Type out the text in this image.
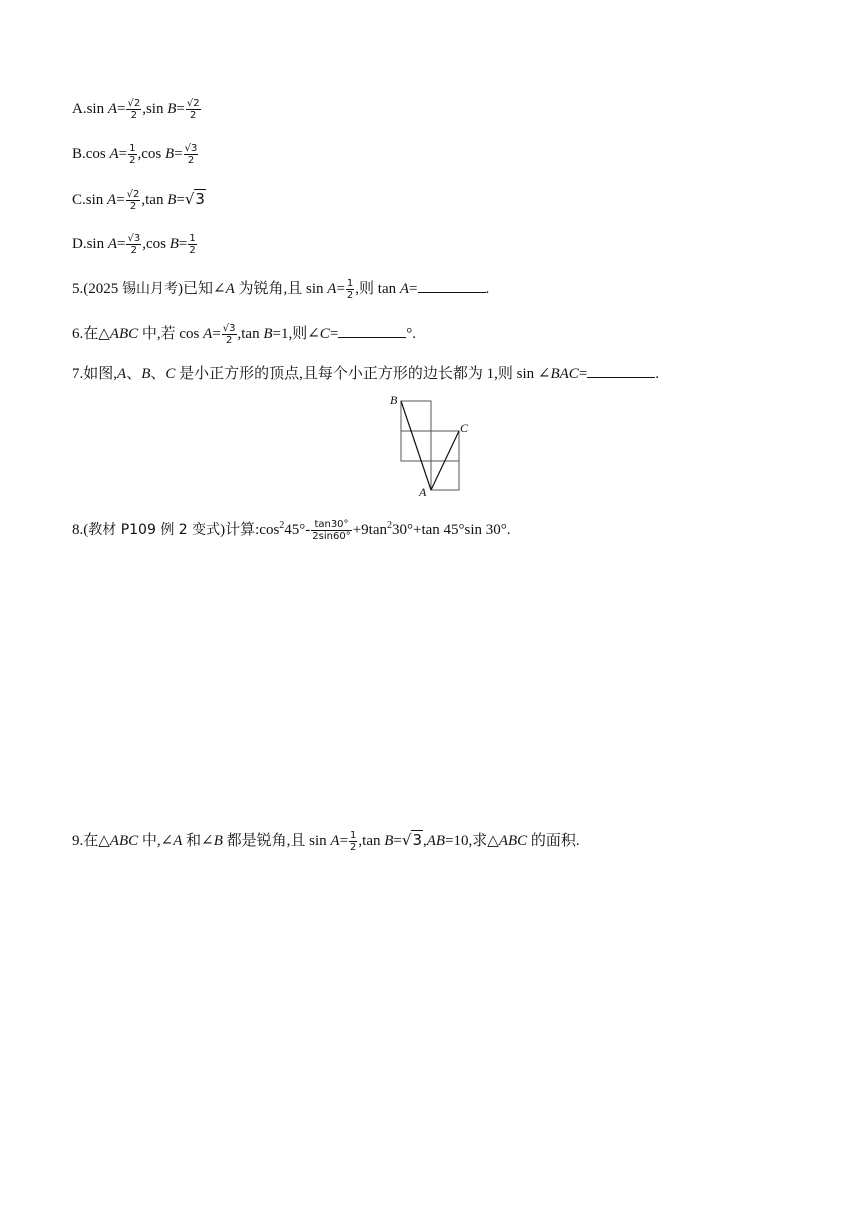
A.sin $A= \frac{√2}{2} ,\sin$ $B= \frac{√2}{2}$
B.cos $A= \frac{1}{2} ,\cos$ $B= \frac{√3}{2}$
C.sin $A= \frac{√2}{2} ,\tan$ B=√3
D.sin $A= \frac{√3}{2} ,\cos$ $B= \frac{1}{2}$
5.(2025 锡山月考)已知∠A 为锐角,且 $\sin A= \frac{1}{2}$ ,则 tan A=	.
6.在△ABC 中,若 $\cos A= \frac{√3}{2} ,\tan$ B=1,则∠C=	°.
7.如图,A、B、C 是小正方形的顶点,且每个小正方形的边长都为 1,则 sin ∠BAC=	.
B
C
A
8.(教材 P109 例 2 变式)计算$:\cos^245^\circ- \frac{\tan 30^\circ}{2\sin 60^\circ} +9\tan^230^\circ+\tan$ 45°sin 30°.
9.在△ABC 中,∠A 和∠B 都是锐角,且 $\sin A= \frac{1}{2} ,\tan$ B=√3,AB=10,求△ABC 的面积.
